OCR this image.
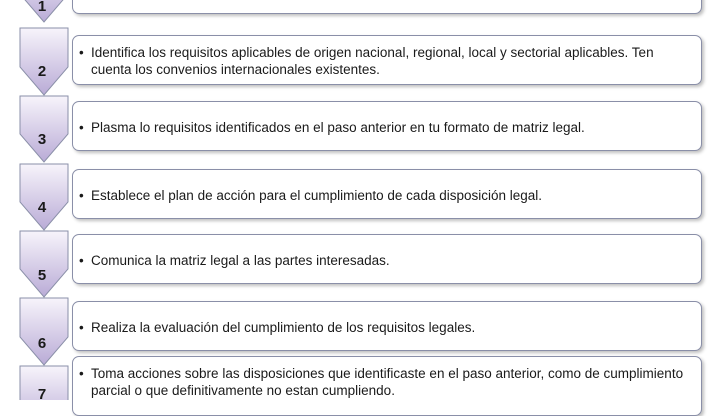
1
2
• Identifica los requisitos aplicables de origen nacional, regional, local y sectorial aplicables. Ten cuenta los convenios internacionales existentes.
3
• Plasma lo requisitos identificados en el paso anterior en tu formato de matriz legal.
4
• Establece el plan de acción para el cumplimiento de cada disposición legal.
5
• Comunica la matriz legal a las partes interesadas.
6
• Realiza la evaluación del cumplimiento de los requisitos legales.
7
• Toma acciones sobre las disposiciones que identificaste en el paso anterior, como de cumplimiento parcial o que definitivamente no estan cumpliendo.
